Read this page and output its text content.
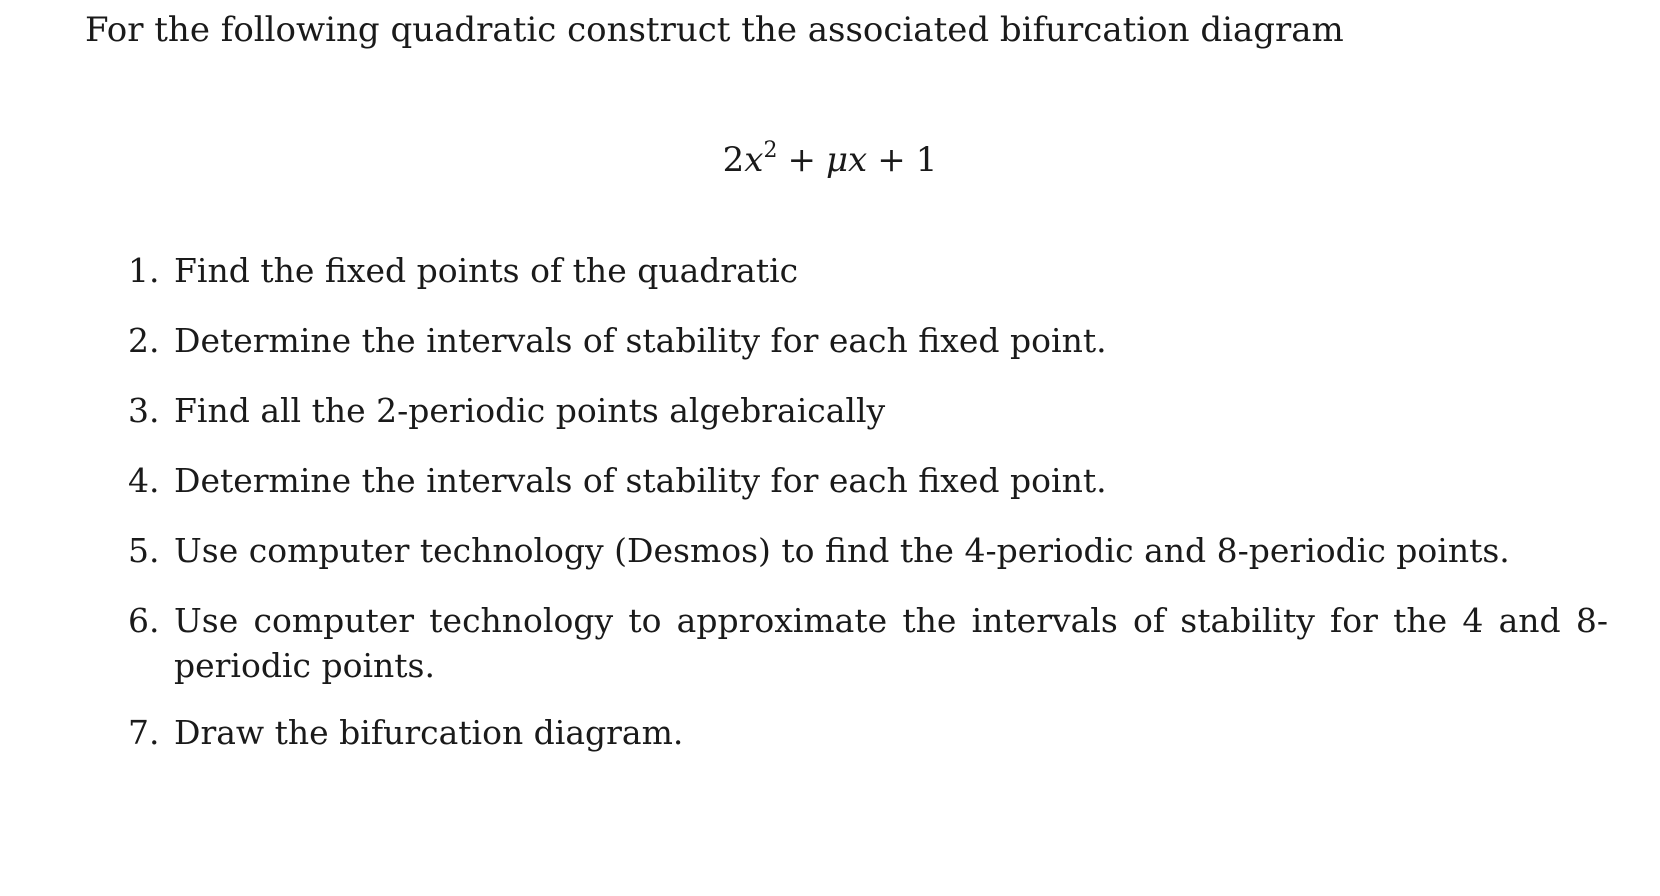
For the following quadratic construct the associated bifurcation diagram

$2x^2 + \mu x + 1$
1. Find the fixed points of the quadratic
2. Determine the intervals of stability for each fixed point.
3. Find all the 2-periodic points algebraically
4. Determine the intervals of stability for each fixed point.
5. Use computer technology (Desmos) to find the 4-periodic and 8-periodic points.
6. Use computer technology to approximate the intervals of stability for the 4 and 8-periodic points.
7. Draw the bifurcation diagram.
